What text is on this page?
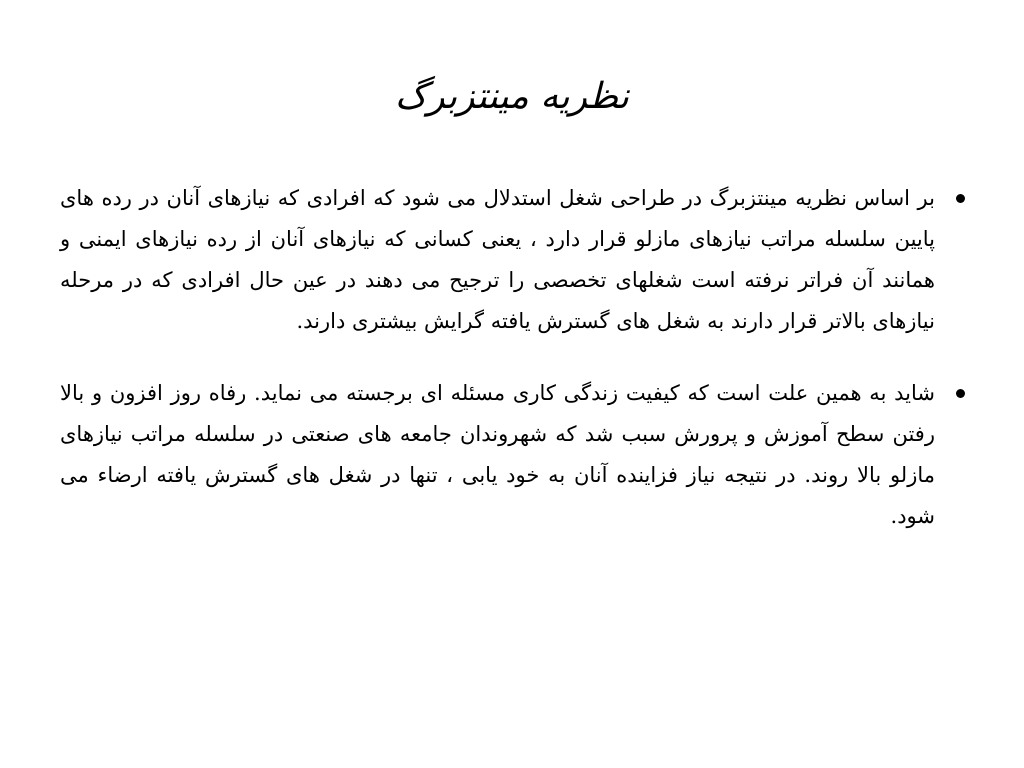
نظریه مینتزبرگ
بر اساس نظریه مینتزبرگ در طراحی شغل استدلال می شود که افرادی که نیازهای آنان در رده های پایین سلسله مراتب نیازهای مازلو قرار دارد ، یعنی کسانی که نیازهای آنان از رده نیازهای ایمنی و همانند آن فراتر نرفته است شغلهای تخصصی را ترجیح می دهند در عین حال افرادی که در مرحله نیازهای بالاتر قرار دارند به شغل های گسترش یافته گرایش بیشتری دارند.
شاید به همین علت است که کیفیت زندگی کاری مسئله ای برجسته می نماید. رفاه روز افزون و بالا رفتن سطح آموزش و پرورش سبب شد که شهروندان جامعه های صنعتی در سلسله مراتب نیازهای مازلو بالا روند. در نتیجه نیاز فزاینده آنان به خود یابی ، تنها در شغل های گسترش یافته ارضاء می شود.
